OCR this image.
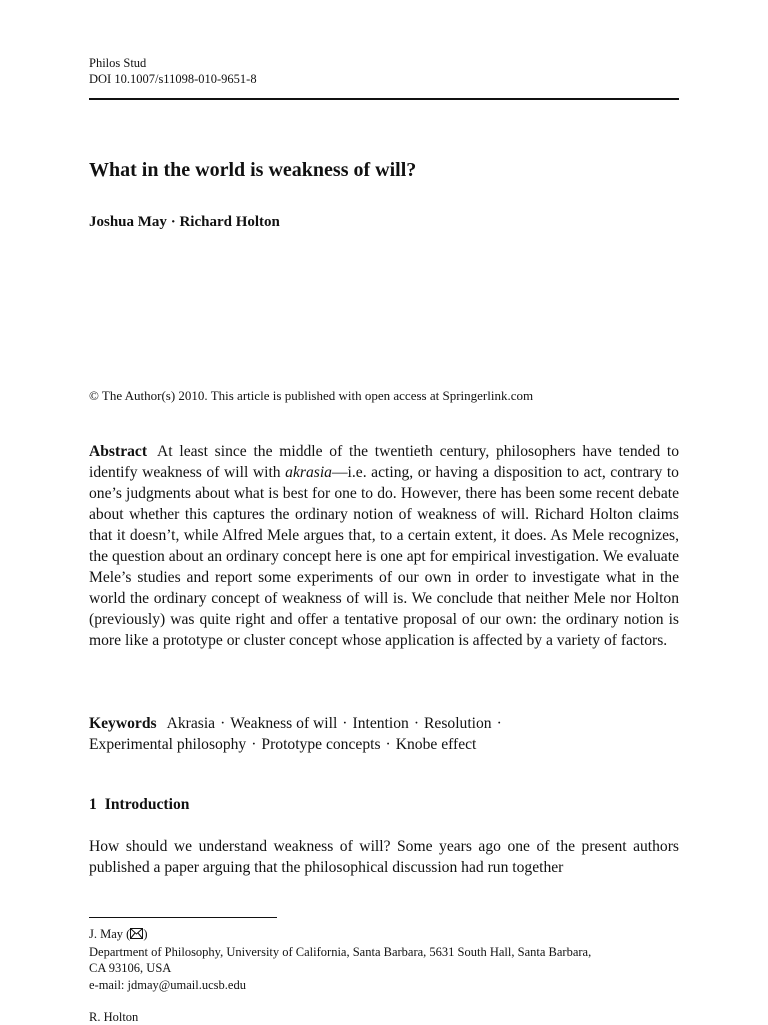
Philos Stud
DOI 10.1007/s11098-010-9651-8
What in the world is weakness of will?
Joshua May · Richard Holton
© The Author(s) 2010. This article is published with open access at Springerlink.com
Abstract At least since the middle of the twentieth century, philosophers have tended to identify weakness of will with akrasia—i.e. acting, or having a disposition to act, contrary to one’s judgments about what is best for one to do. However, there has been some recent debate about whether this captures the ordinary notion of weakness of will. Richard Holton claims that it doesn’t, while Alfred Mele argues that, to a certain extent, it does. As Mele recognizes, the question about an ordinary concept here is one apt for empirical investigation. We evaluate Mele’s studies and report some experiments of our own in order to investigate what in the world the ordinary concept of weakness of will is. We conclude that neither Mele nor Holton (previously) was quite right and offer a tentative proposal of our own: the ordinary notion is more like a prototype or cluster concept whose application is affected by a variety of factors.
Keywords Akrasia · Weakness of will · Intention · Resolution ·
Experimental philosophy · Prototype concepts · Knobe effect
1 Introduction
How should we understand weakness of will? Some years ago one of the present authors published a paper arguing that the philosophical discussion had run together
J. May ( )
Department of Philosophy, University of California, Santa Barbara, 5631 South Hall, Santa Barbara,
CA 93106, USA
e-mail: jdmay@umail.ucsb.edu
R. Holton
